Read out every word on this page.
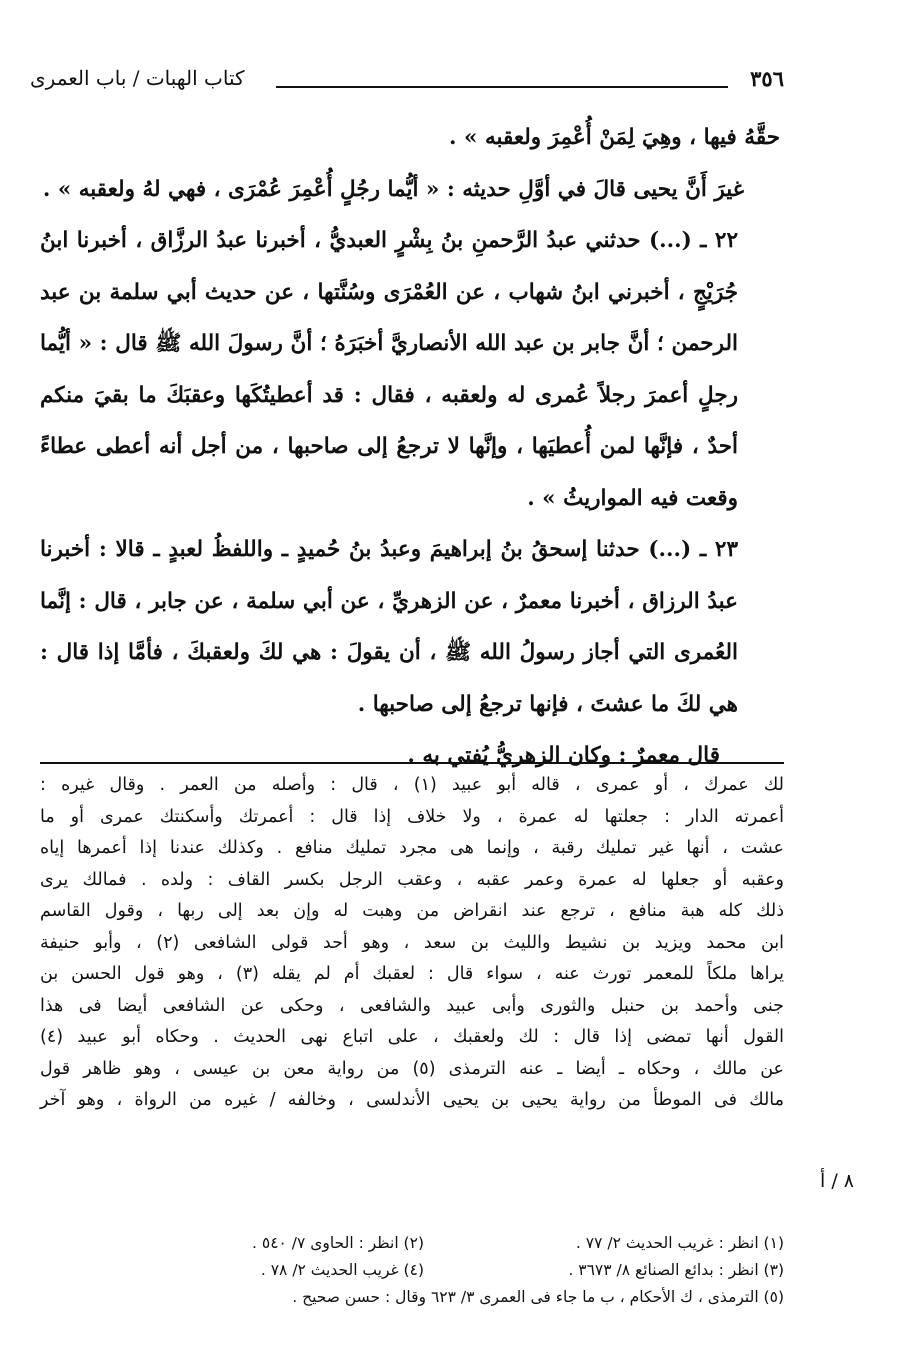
٣٥٦
كتاب الهبات / باب العمرى

حقَّهُ فيها ، وهِيَ لِمَنْ أُعْمِرَ ولعقبه » .

غيرَ أَنَّ يحيى قالَ في أوَّلِ حديثه : « أيُّما رجُلٍ أُعْمِرَ عُمْرَى ، فهي لهُ ولعقبه » .

٢٢ ـ (...) حدثني عبدُ الرَّحمنِ بنُ بِشْرٍ العبديُّ ، أخبرنا عبدُ الرزَّاق ، أخبرنا ابنُ جُرَيْجٍ ، أخبرني ابنُ شهاب ، عن العُمْرَى وسُنَّتها ، عن حديث أبي سلمة بن عبد الرحمن ؛ أنَّ جابر بن عبد الله الأنصاريَّ أخبَرَهُ ؛ أنَّ رسولَ الله ﷺ قال : « أيُّما رجلٍ أعمرَ رجلاً عُمرى له ولعقبه ، فقال : قد أعطيتُكَها وعقبَكَ ما بقيَ منكم أحدٌ ، فإنَّها لمن أُعطيَها ، وإنَّها لا ترجعُ إلى صاحبها ، من أجل أنه أعطى عطاءً وقعت فيه المواريثُ » .

٢٣ ـ (...) حدثنا إسحقُ بنُ إبراهيمَ وعبدُ بنُ حُميدٍ ـ واللفظُ لعبدٍ ـ قالا : أخبرنا عبدُ الرزاق ، أخبرنا معمرٌ ، عن الزهريِّ ، عن أبي سلمة ، عن جابر ، قال : إنَّما العُمرى التي أجاز رسولُ الله ﷺ ، أن يقولَ : هي لكَ ولعقبكَ ، فأمَّا إذا قال : هي لكَ ما عشتَ ، فإنها ترجعُ إلى صاحبها .

قال معمرٌ : وكان الزهريُّ يُفتي به .

لك عمرك ، أو عمرى ، قاله أبو عبيد (١) ، قال : وأصله من العمر . وقال غيره :

أعمرته الدار : جعلتها له عمرة ، ولا خلاف إذا قال : أعمرتك وأسكنتك عمرى أو ما

عشت ، أنها غير تمليك رقبة ، وإنما هى مجرد تمليك منافع . وكذلك عندنا إذا أعمرها إياه

وعقبه أو جعلها له عمرة وعمر عقبه ، وعقب الرجل بكسر القاف : ولده . فمالك يرى

ذلك كله هبة منافع ، ترجع عند انقراض من وهبت له وإن بعد إلى ربها ، وقول القاسم

ابن محمد ويزيد بن نشيط والليث بن سعد ، وهو أحد قولى الشافعى (٢) ، وأبو حنيفة

يراها ملكاً للمعمر تورث عنه ، سواء قال : لعقبك أم لم يقله (٣) ، وهو قول الحسن بن

جنى وأحمد بن حنبل والثورى وأبى عبيد والشافعى ، وحكى عن الشافعى أيضا فى هذا

القول أنها تمضى إذا قال : لك ولعقبك ، على اتباع نهى الحديث . وحكاه أبو عبيد (٤)

عن مالك ، وحكاه ـ أيضا ـ عنه الترمذى (٥) من رواية معن بن عيسى ، وهو ظاهر قول

مالك فى الموطأ من رواية يحيى بن يحيى الأندلسى ، وخالفه / غيره من الرواة ، وهو آخر

٨ / أ
(١) انظر : غريب الحديث ٢/ ٧٧ .
(٢) انظر : الحاوى ٧/ ٥٤٠ .
(٣) انظر : بدائع الصنائع ٨/ ٣٦٧٣ .
(٤) غريب الحديث ٢/ ٧٨ .
(٥) الترمذى ، ك الأحكام ، ب ما جاء فى العمرى ٣/ ٦٢٣ وقال : حسن صحيح .
